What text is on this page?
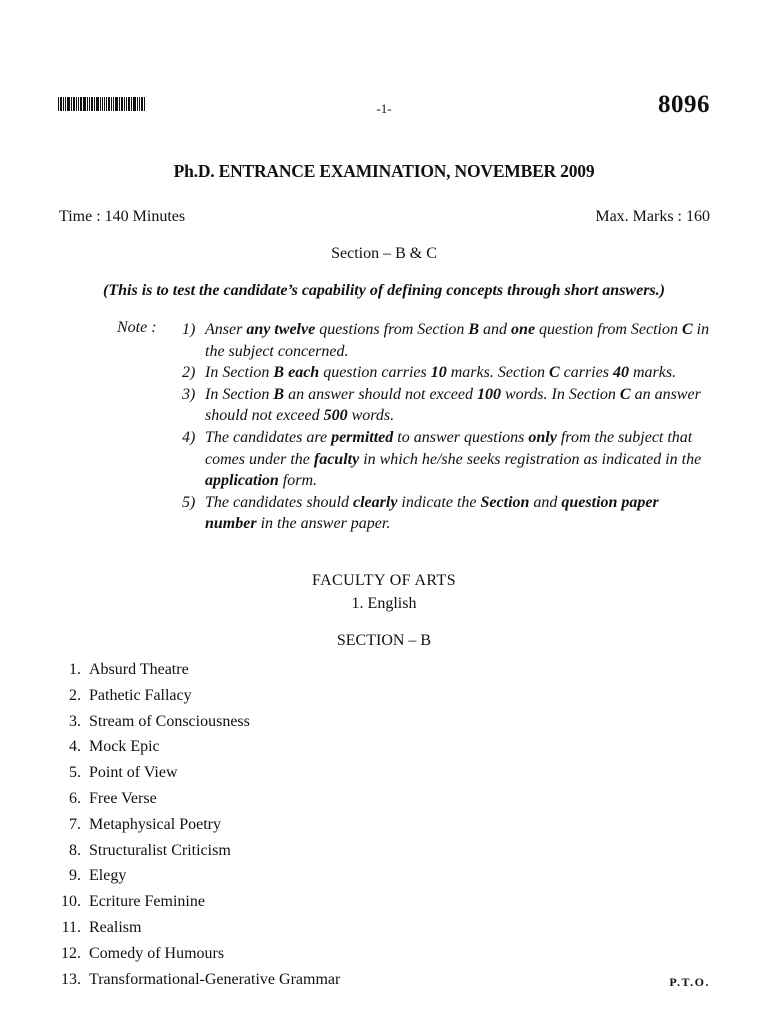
-1-	8096
Ph.D. ENTRANCE EXAMINATION, NOVEMBER 2009
Time : 140 Minutes	Max. Marks : 160
Section – B & C
(This is to test the candidate’s capability of defining concepts through short answers.)
Note : 1) Anser any twelve questions from Section B and one question from Section C in the subject concerned.
2) In Section B each question carries 10 marks. Section C carries 40 marks.
3) In Section B an answer should not exceed 100 words. In Section C an answer should not exceed 500 words.
4) The candidates are permitted to answer questions only from the subject that comes under the faculty in which he/she seeks registration as indicated in the application form.
5) The candidates should clearly indicate the Section and question paper number in the answer paper.
FACULTY OF ARTS
1. English
SECTION – B
1. Absurd Theatre
2. Pathetic Fallacy
3. Stream of Consciousness
4. Mock Epic
5. Point of View
6. Free Verse
7. Metaphysical Poetry
8. Structuralist Criticism
9. Elegy
10. Ecriture Feminine
11. Realism
12. Comedy of Humours
13. Transformational-Generative Grammar	P.T.O.
